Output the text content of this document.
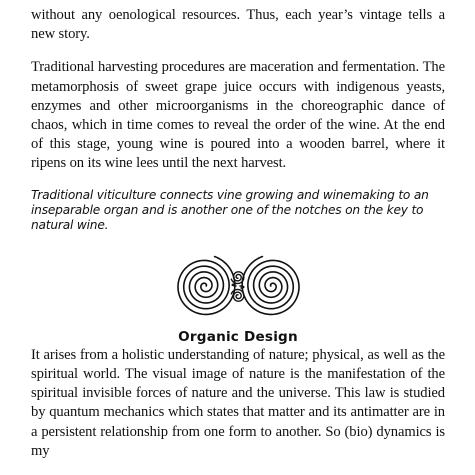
without any oenological resources. Thus, each year’s vintage tells a new story.

Traditional harvesting procedures are maceration and fermentation. The metamorphosis of sweet grape juice occurs with indigenous yeasts, enzymes and other microorganisms in the choreographic dance of chaos, which in time comes to reveal the order of the wine. At the end of this stage, young wine is poured into a wooden barrel, where it ripens on its wine lees until the next harvest.

Traditional viticulture connects vine growing and winemaking to an inseparable organ and is another one of the notches on the key to natural wine.

Organic Design

It arises from a holistic understanding of nature; physical, as well as the spiritual world. The visual image of nature is the manifestation of the spiritual invisible forces of nature and the universe. This law is studied by quantum mechanics which states that matter and its antimatter are in a persistent relationship from one form to another. So (bio) dynamics is my
